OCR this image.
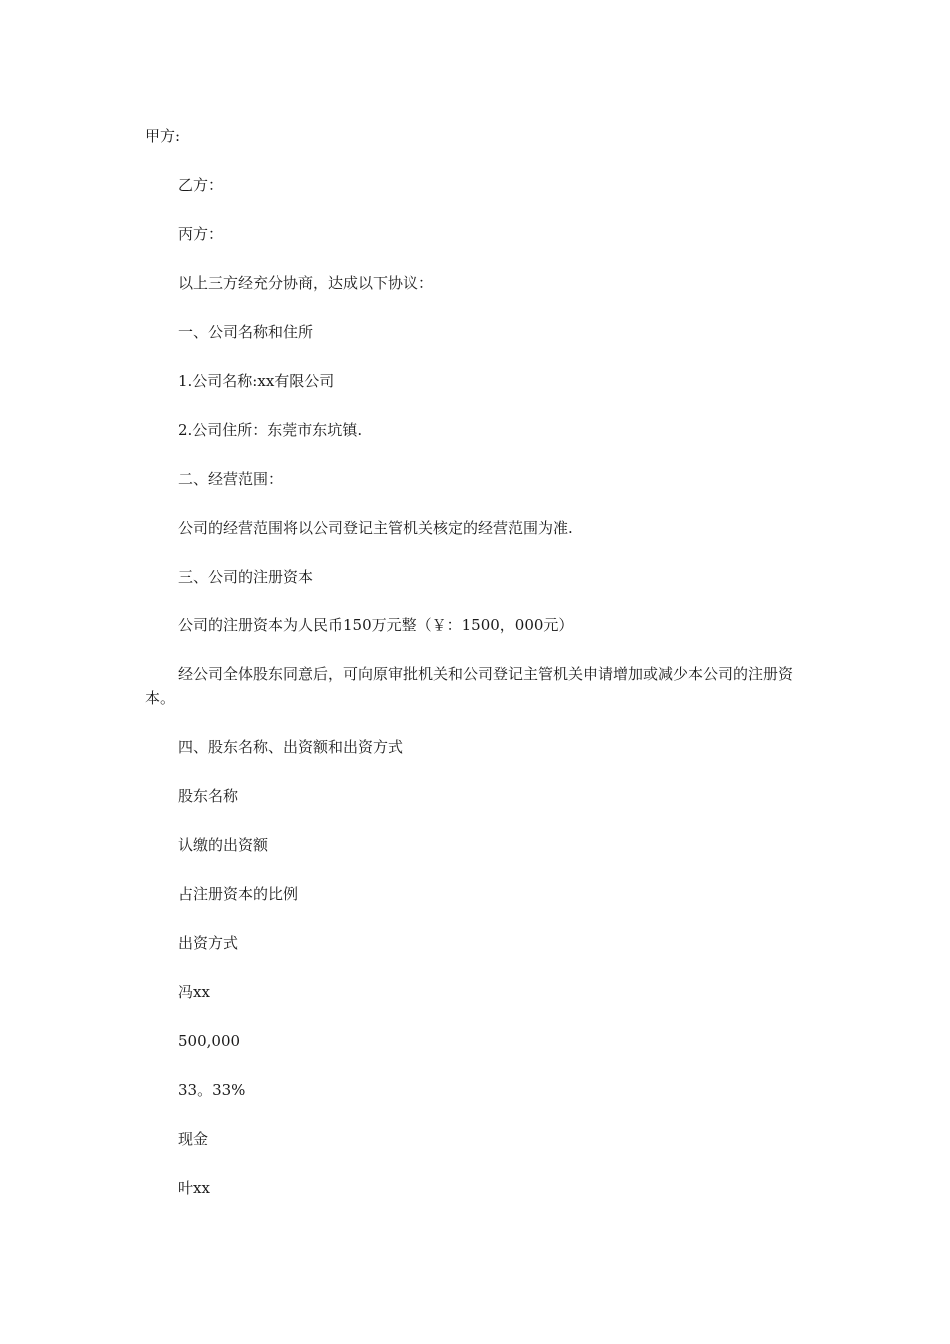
甲方:
乙方：
丙方：
以上三方经充分协商，达成以下协议：
一、公司名称和住所
1.公司名称:xx有限公司
2.公司住所：东莞市东坑镇.
二、经营范围：
公司的经营范围将以公司登记主管机关核定的经营范围为准.
三、公司的注册资本
公司的注册资本为人民币150万元整（￥：1500，000元）
经公司全体股东同意后，可向原审批机关和公司登记主管机关申请增加或减少本公司的注册资本。
四、股东名称、出资额和出资方式
股东名称
认缴的出资额
占注册资本的比例
出资方式
冯xx
500,000
33。33%
现金
叶xx
